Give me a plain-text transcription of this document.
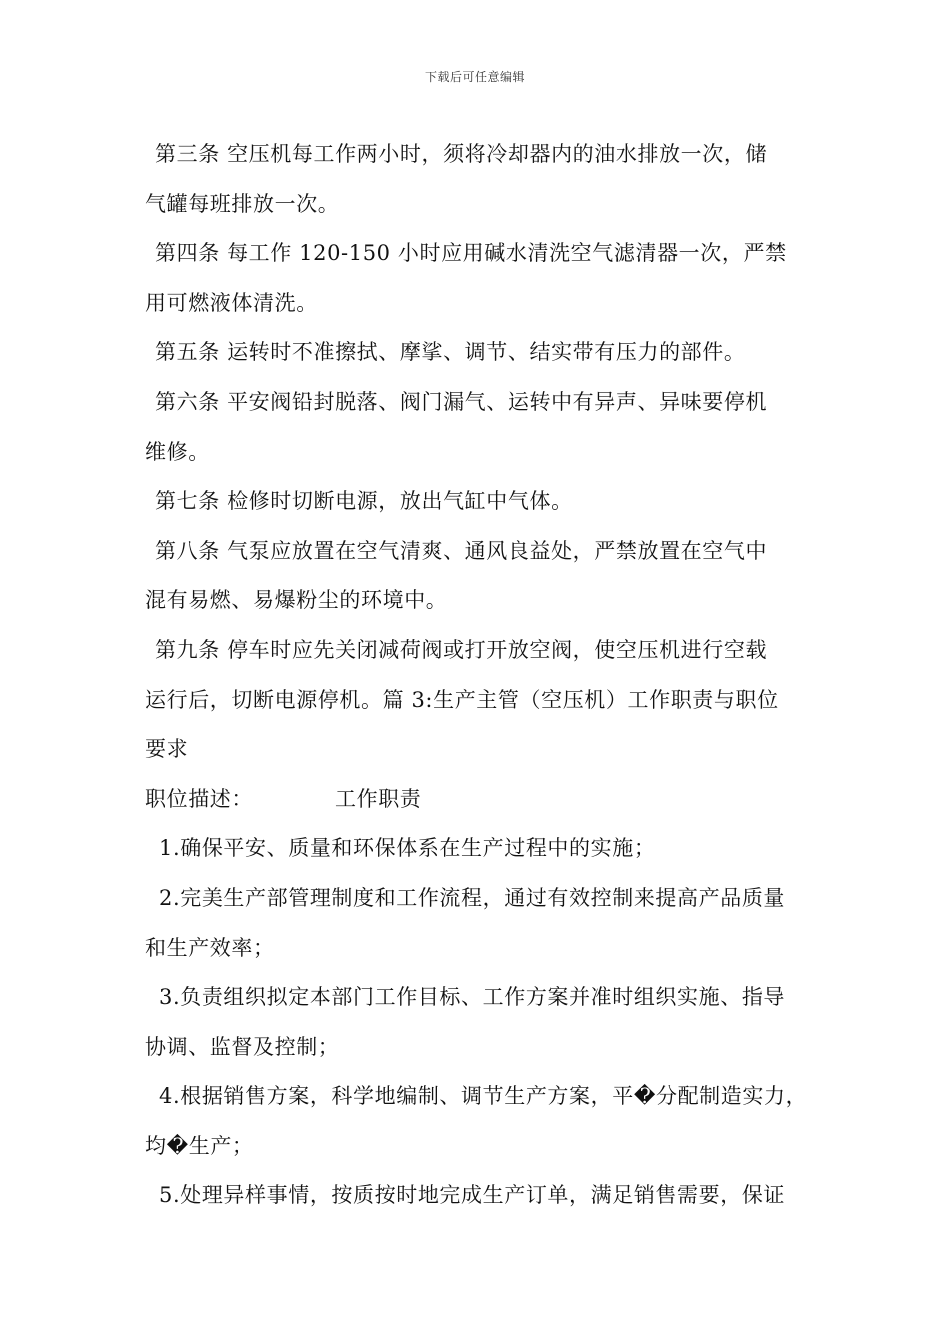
下载后可任意编辑
第三条 空压机每工作两小时，须将冷却器内的油水排放一次，储
气罐每班排放一次。
第四条 每工作 120-150 小时应用碱水清洗空气滤清器一次，严禁
用可燃液体清洗。
第五条 运转时不准擦拭、摩挲、调节、结实带有压力的部件。
第六条 平安阀铅封脱落、阀门漏气、运转中有异声、异味要停机
维修。
第七条 检修时切断电源，放出气缸中气体。
第八条 气泵应放置在空气清爽、通风良益处，严禁放置在空气中
混有易燃、易爆粉尘的环境中。
第九条 停车时应先关闭减荷阀或打开放空阀，使空压机进行空载
运行后，切断电源停机。篇 3:生产主管（空压机）工作职责与职位
要求
职位描述：	工作职责
1.确保平安、质量和环保体系在生产过程中的实施；
2.完美生产部管理制度和工作流程，通过有效控制来提高产品质量
和生产效率；
3.负责组织拟定本部门工作目标、工作方案并准时组织实施、指导
协调、监督及控制；
4.根据销售方案，科学地编制、调节生产方案，平�分配制造实力，
均�生产；
5.处理异样事情，按质按时地完成生产订单，满足销售需要，保证
